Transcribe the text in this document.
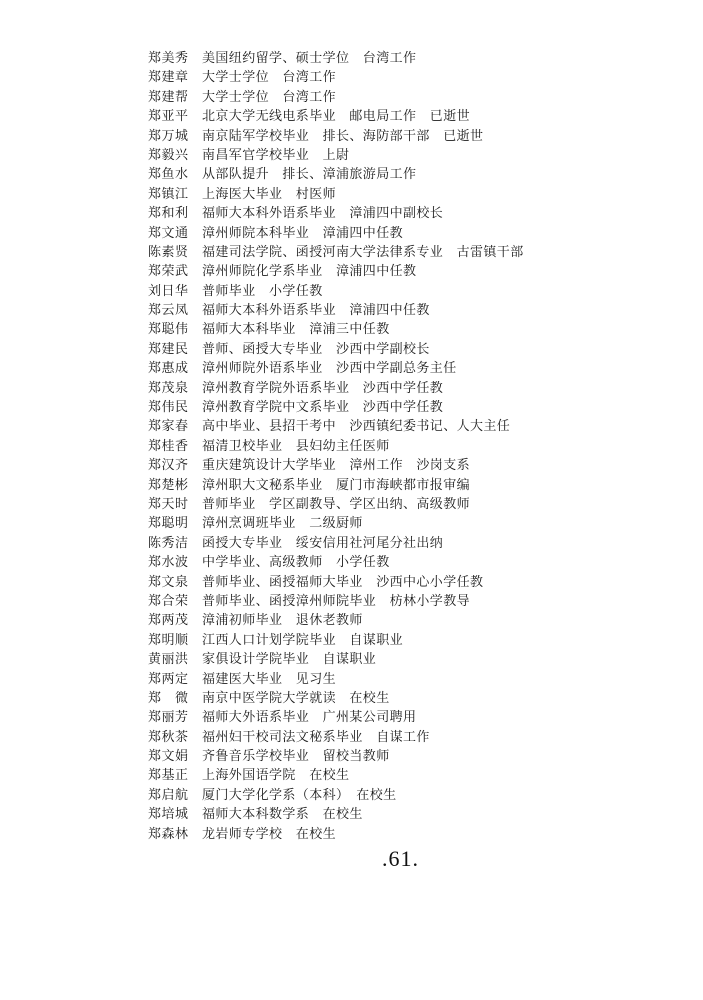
郑美秀 美国纽约留学、硕士学位　台湾工作
郑建章 大学士学位　台湾工作
郑建帮 大学士学位　台湾工作
郑亚平 北京大学无线电系毕业　邮电局工作　已逝世
郑万城 南京陆军学校毕业　排长、海防部干部　已逝世
郑毅兴 南昌军官学校毕业　上尉
郑鱼水 从部队提升　排长、漳浦旅游局工作
郑镇江 上海医大毕业　村医师
郑和利 福师大本科外语系毕业　漳浦四中副校长
郑文通 漳州师院本科毕业　漳浦四中任教
陈素贤 福建司法学院、函授河南大学法律系专业　古雷镇干部
郑荣武 漳州师院化学系毕业　漳浦四中任教
刘日华 普师毕业　小学任教
郑云凤 福师大本科外语系毕业　漳浦四中任教
郑聪伟 福师大本科毕业　漳浦三中任教
郑建民 普师、函授大专毕业　沙西中学副校长
郑惠成 漳州师院外语系毕业　沙西中学副总务主任
郑茂泉 漳州教育学院外语系毕业　沙西中学任教
郑伟民 漳州教育学院中文系毕业　沙西中学任教
郑家春 高中毕业、县招干考中　沙西镇纪委书记、人大主任
郑桂香 福清卫校毕业　县妇幼主任医师
郑汉齐 重庆建筑设计大学毕业　漳州工作　沙岗支系
郑楚彬 漳州职大文秘系毕业　厦门市海峡都市报审编
郑天时 普师毕业　学区副教导、学区出纳、高级教师
郑聪明 漳州烹调班毕业　二级厨师
陈秀洁 函授大专毕业　绥安信用社河尾分社出纳
郑水波 中学毕业、高级教师　小学任教
郑文泉 普师毕业、函授福师大毕业　沙西中心小学任教
郑合荣 普师毕业、函授漳州师院毕业　枋林小学教导
郑两茂 漳浦初师毕业　退休老教师
郑明顺 江西人口计划学院毕业　自谋职业
黄丽洪 家俱设计学院毕业　自谋职业
郑两定 福建医大毕业　见习生
郑　微 南京中医学院大学就读　在校生
郑丽芳 福师大外语系毕业　广州某公司聘用
郑秋茶 福州妇干校司法文秘系毕业　自谋工作
郑文娟 齐鲁音乐学校毕业　留校当教师
郑基正 上海外国语学院　在校生
郑启航 厦门大学化学系（本科）　在校生
郑培城 福师大本科数学系　在校生
郑森林 龙岩师专学校　在校生
.61.
